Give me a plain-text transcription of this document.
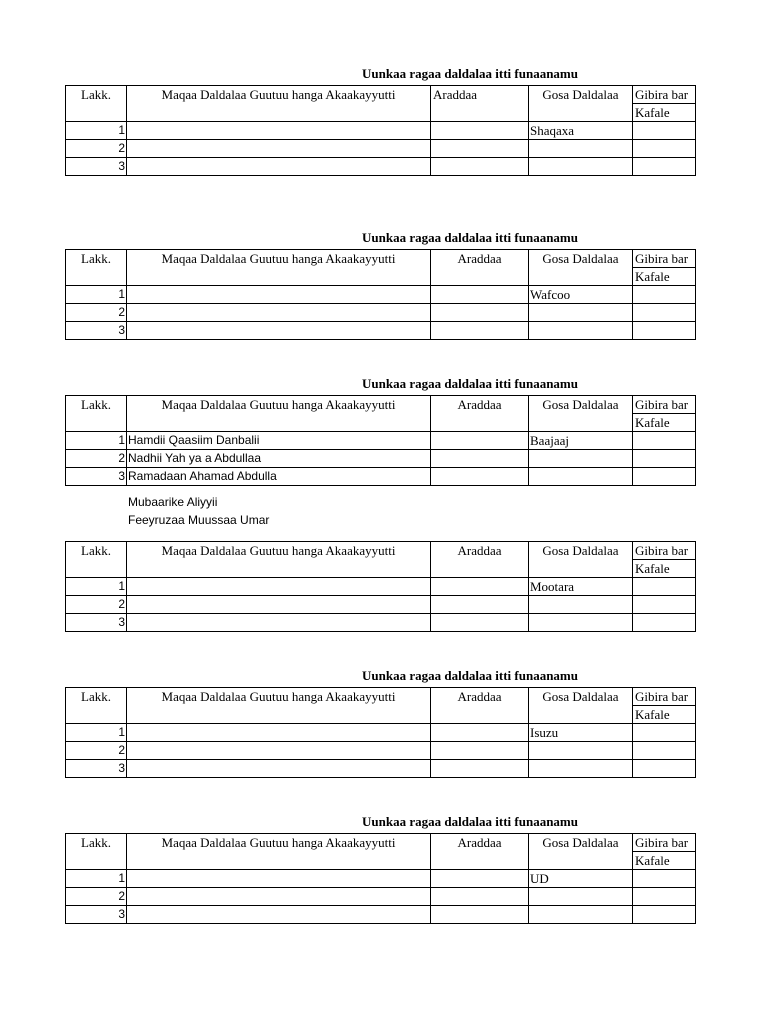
Uunkaa ragaa daldalaa itti funaanamu
Lakk.	Maqaa Daldalaa Guutuu hanga Akaakayyutti	Araddaa	Gosa Daldalaa	Gibira bar
				Kafale
1			Shaqaxa	
2				
3				
Uunkaa ragaa daldalaa itti funaanamu
Lakk.	Maqaa Daldalaa Guutuu hanga Akaakayyutti	Araddaa	Gosa Daldalaa	Gibira bar
				Kafale
1			Wafcoo	
2				
3				
Uunkaa ragaa daldalaa itti funaanamu
Lakk.	Maqaa Daldalaa Guutuu hanga Akaakayyutti	Araddaa	Gosa Daldalaa	Gibira bar
				Kafale
1	Hamdii Qaasiim Danbalii		Baajaaj	
2	Nadhii Yah ya a Abdullaa			
3	Ramadaan Ahamad Abdulla			
Mubaarike Aliyyii
Feeyruzaa Muussaa Umar
Lakk.	Maqaa Daldalaa Guutuu hanga Akaakayyutti	Araddaa	Gosa Daldalaa	Gibira bar
				Kafale
1			Mootara	
2				
3				
Uunkaa ragaa daldalaa itti funaanamu
Lakk.	Maqaa Daldalaa Guutuu hanga Akaakayyutti	Araddaa	Gosa Daldalaa	Gibira bar
				Kafale
1			Isuzu	
2				
3				
Uunkaa ragaa daldalaa itti funaanamu
Lakk.	Maqaa Daldalaa Guutuu hanga Akaakayyutti	Araddaa	Gosa Daldalaa	Gibira bar
				Kafale
1			UD	
2				
3				
